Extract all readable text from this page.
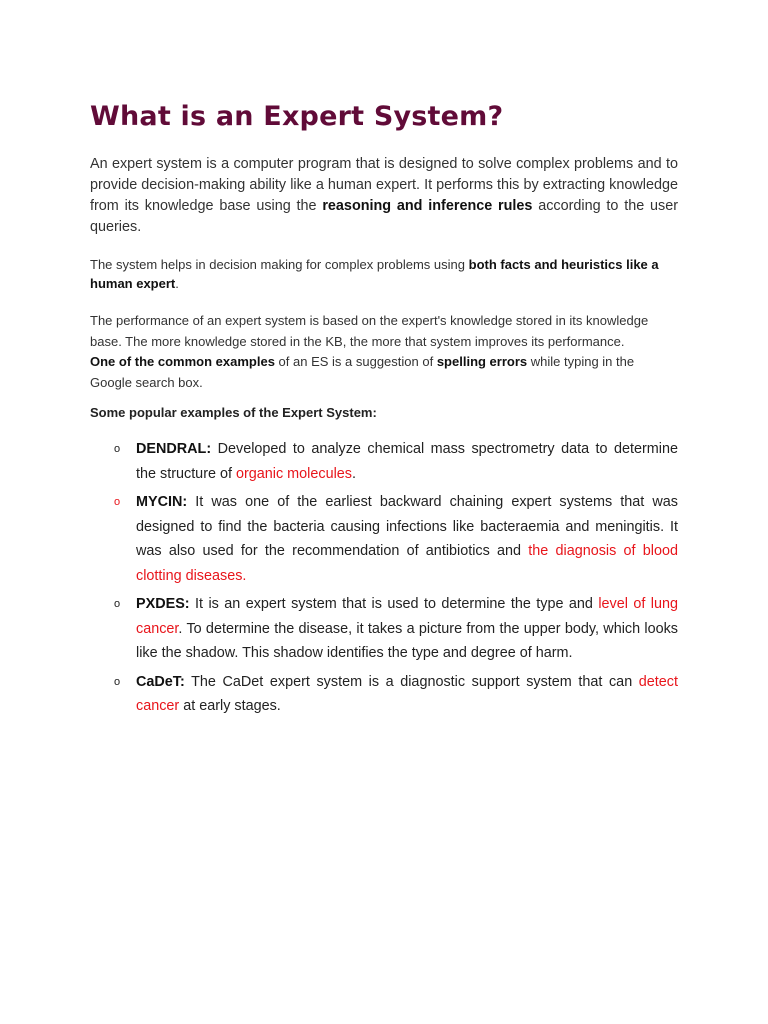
What is an Expert System?

An expert system is a computer program that is designed to solve complex problems and to provide decision-making ability like a human expert. It performs this by extracting knowledge from its knowledge base using the reasoning and inference rules according to the user queries.

The system helps in decision making for complex problems using both facts and heuristics like a human expert.

The performance of an expert system is based on the expert's knowledge stored in its knowledge base. The more knowledge stored in the KB, the more that system improves its performance. One of the common examples of an ES is a suggestion of spelling errors while typing in the Google search box.

Some popular examples of the Expert System:

o DENDRAL: Developed to analyze chemical mass spectrometry data to determine the structure of organic molecules.
o MYCIN: It was one of the earliest backward chaining expert systems that was designed to find the bacteria causing infections like bacteraemia and meningitis. It was also used for the recommendation of antibiotics and the diagnosis of blood clotting diseases.
o PXDES: It is an expert system that is used to determine the type and level of lung cancer. To determine the disease, it takes a picture from the upper body, which looks like the shadow. This shadow identifies the type and degree of harm.
o CaDeT: The CaDet expert system is a diagnostic support system that can detect cancer at early stages.
